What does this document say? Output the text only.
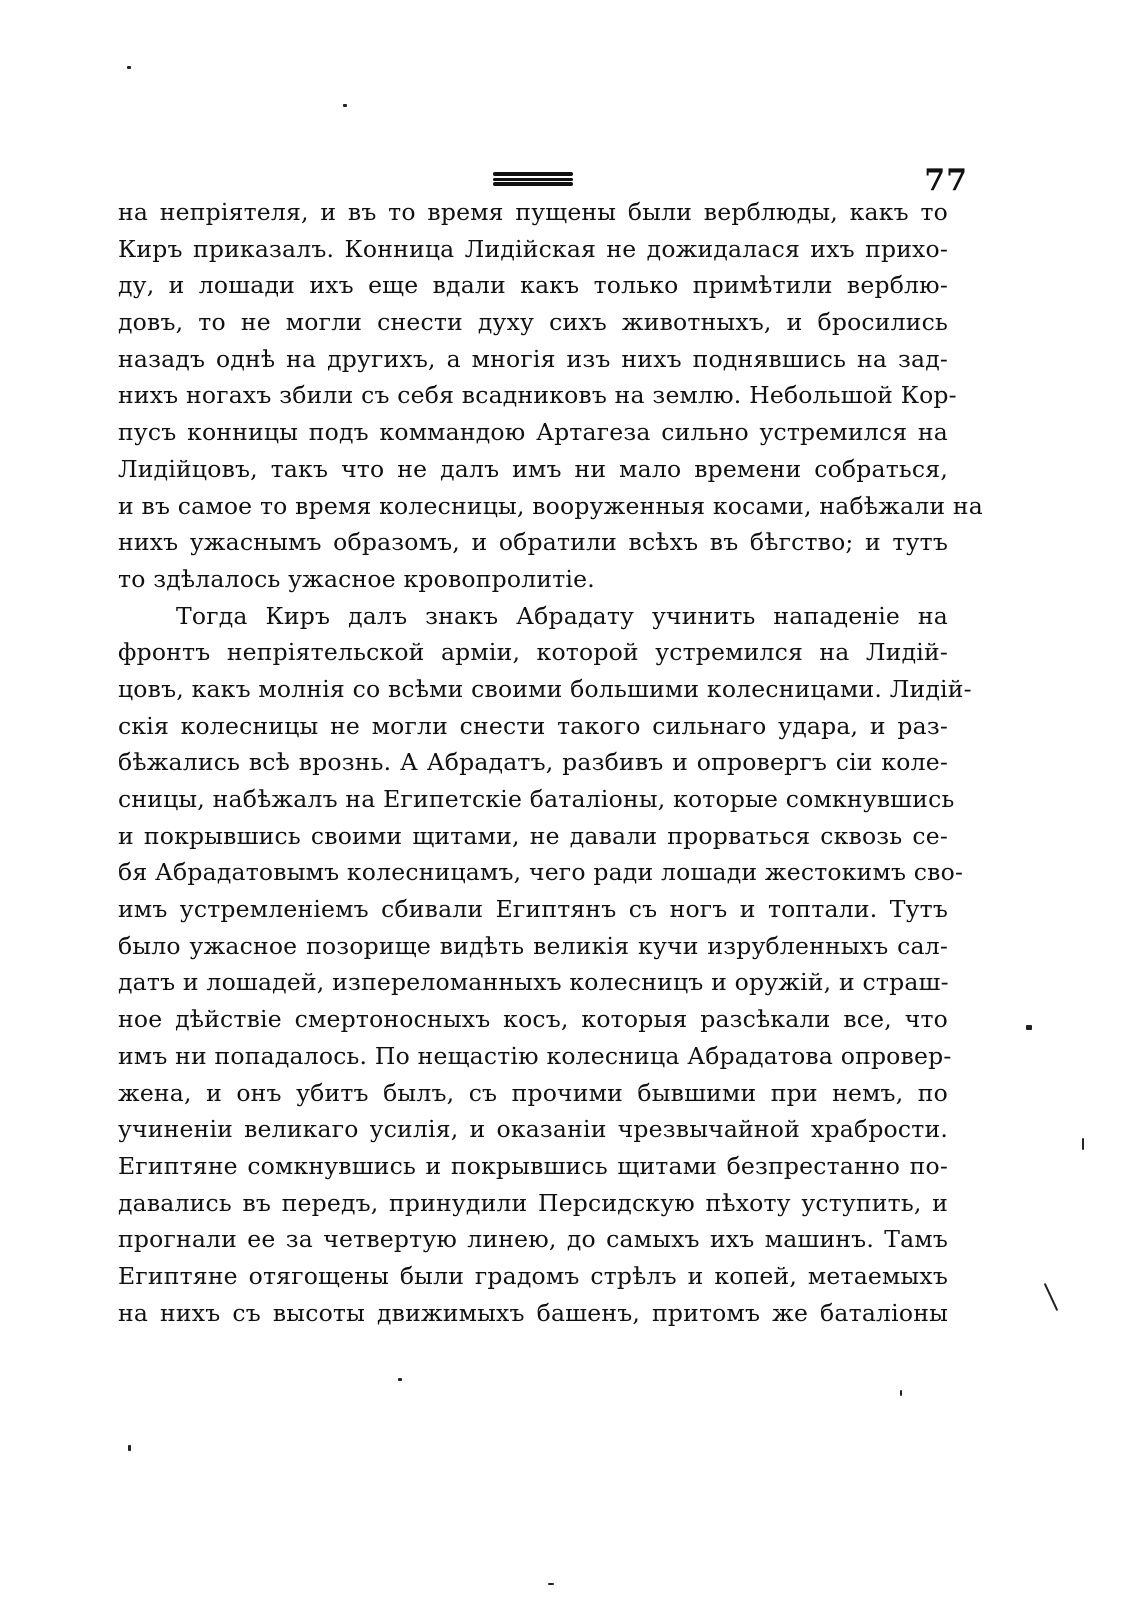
77
на непріятеля, и въ то время пущены были верблюды, какъ то
Киръ приказалъ. Конница Лидійская не дожидалася ихъ прихо-
ду, и лошади ихъ еще вдали какъ только примѣтили верблю-
довъ, то не могли снести духу сихъ животныхъ, и бросились
назадъ однѣ на другихъ, а многія изъ нихъ поднявшись на зад-
нихъ ногахъ збили съ себя всадниковъ на землю. Небольшой Кор-
пусъ конницы подъ коммандою Артагеза сильно устремился на
Лидійцовъ, такъ что не далъ имъ ни мало времени собраться,
и въ самое то время колесницы, вооруженныя косами, набѣжали на
нихъ ужаснымъ образомъ, и обратили всѣхъ въ бѣгство; и тутъ
то здѣлалось ужасное кровопролитіе.
Тогда Киръ далъ знакъ Абрадату учинить нападеніе на
фронтъ непріятельской арміи, которой устремился на Лидій-
цовъ, какъ молнія со всѣми своими большими колесницами. Лидій-
скія колесницы не могли снести такого сильнаго удара, и раз-
бѣжались всѣ врознь. А Абрадатъ, разбивъ и опровергъ сіи коле-
сницы, набѣжалъ на Египетскіе баталіоны, которые сомкнувшись
и покрывшись своими щитами, не давали прорваться сквозь се-
бя Абрадатовымъ колесницамъ, чего ради лошади жестокимъ сво-
имъ устремленіемъ сбивали Египтянъ съ ногъ и топтали. Тутъ
было ужасное позорище видѣть великія кучи изрубленныхъ сал-
датъ и лошадей, изпереломанныхъ колесницъ и оружій, и страш-
ное дѣйствіе смертоносныхъ косъ, которыя разсѣкали все, что
имъ ни попадалось. По нещастію колесница Абрадатова опровер-
жена, и онъ убитъ былъ, съ прочими бывшими при немъ, по
учиненіи великаго усилія, и оказаніи чрезвычайной храбрости.
Египтяне сомкнувшись и покрывшись щитами безпрестанно по-
давались въ передъ, принудили Персидскую пѣхоту уступить, и
прогнали ее за четвертую линею, до самыхъ ихъ машинъ. Тамъ
Египтяне отягощены были градомъ стрѣлъ и копей, метаемыхъ
на нихъ съ высоты движимыхъ башенъ, притомъ же баталіоны
